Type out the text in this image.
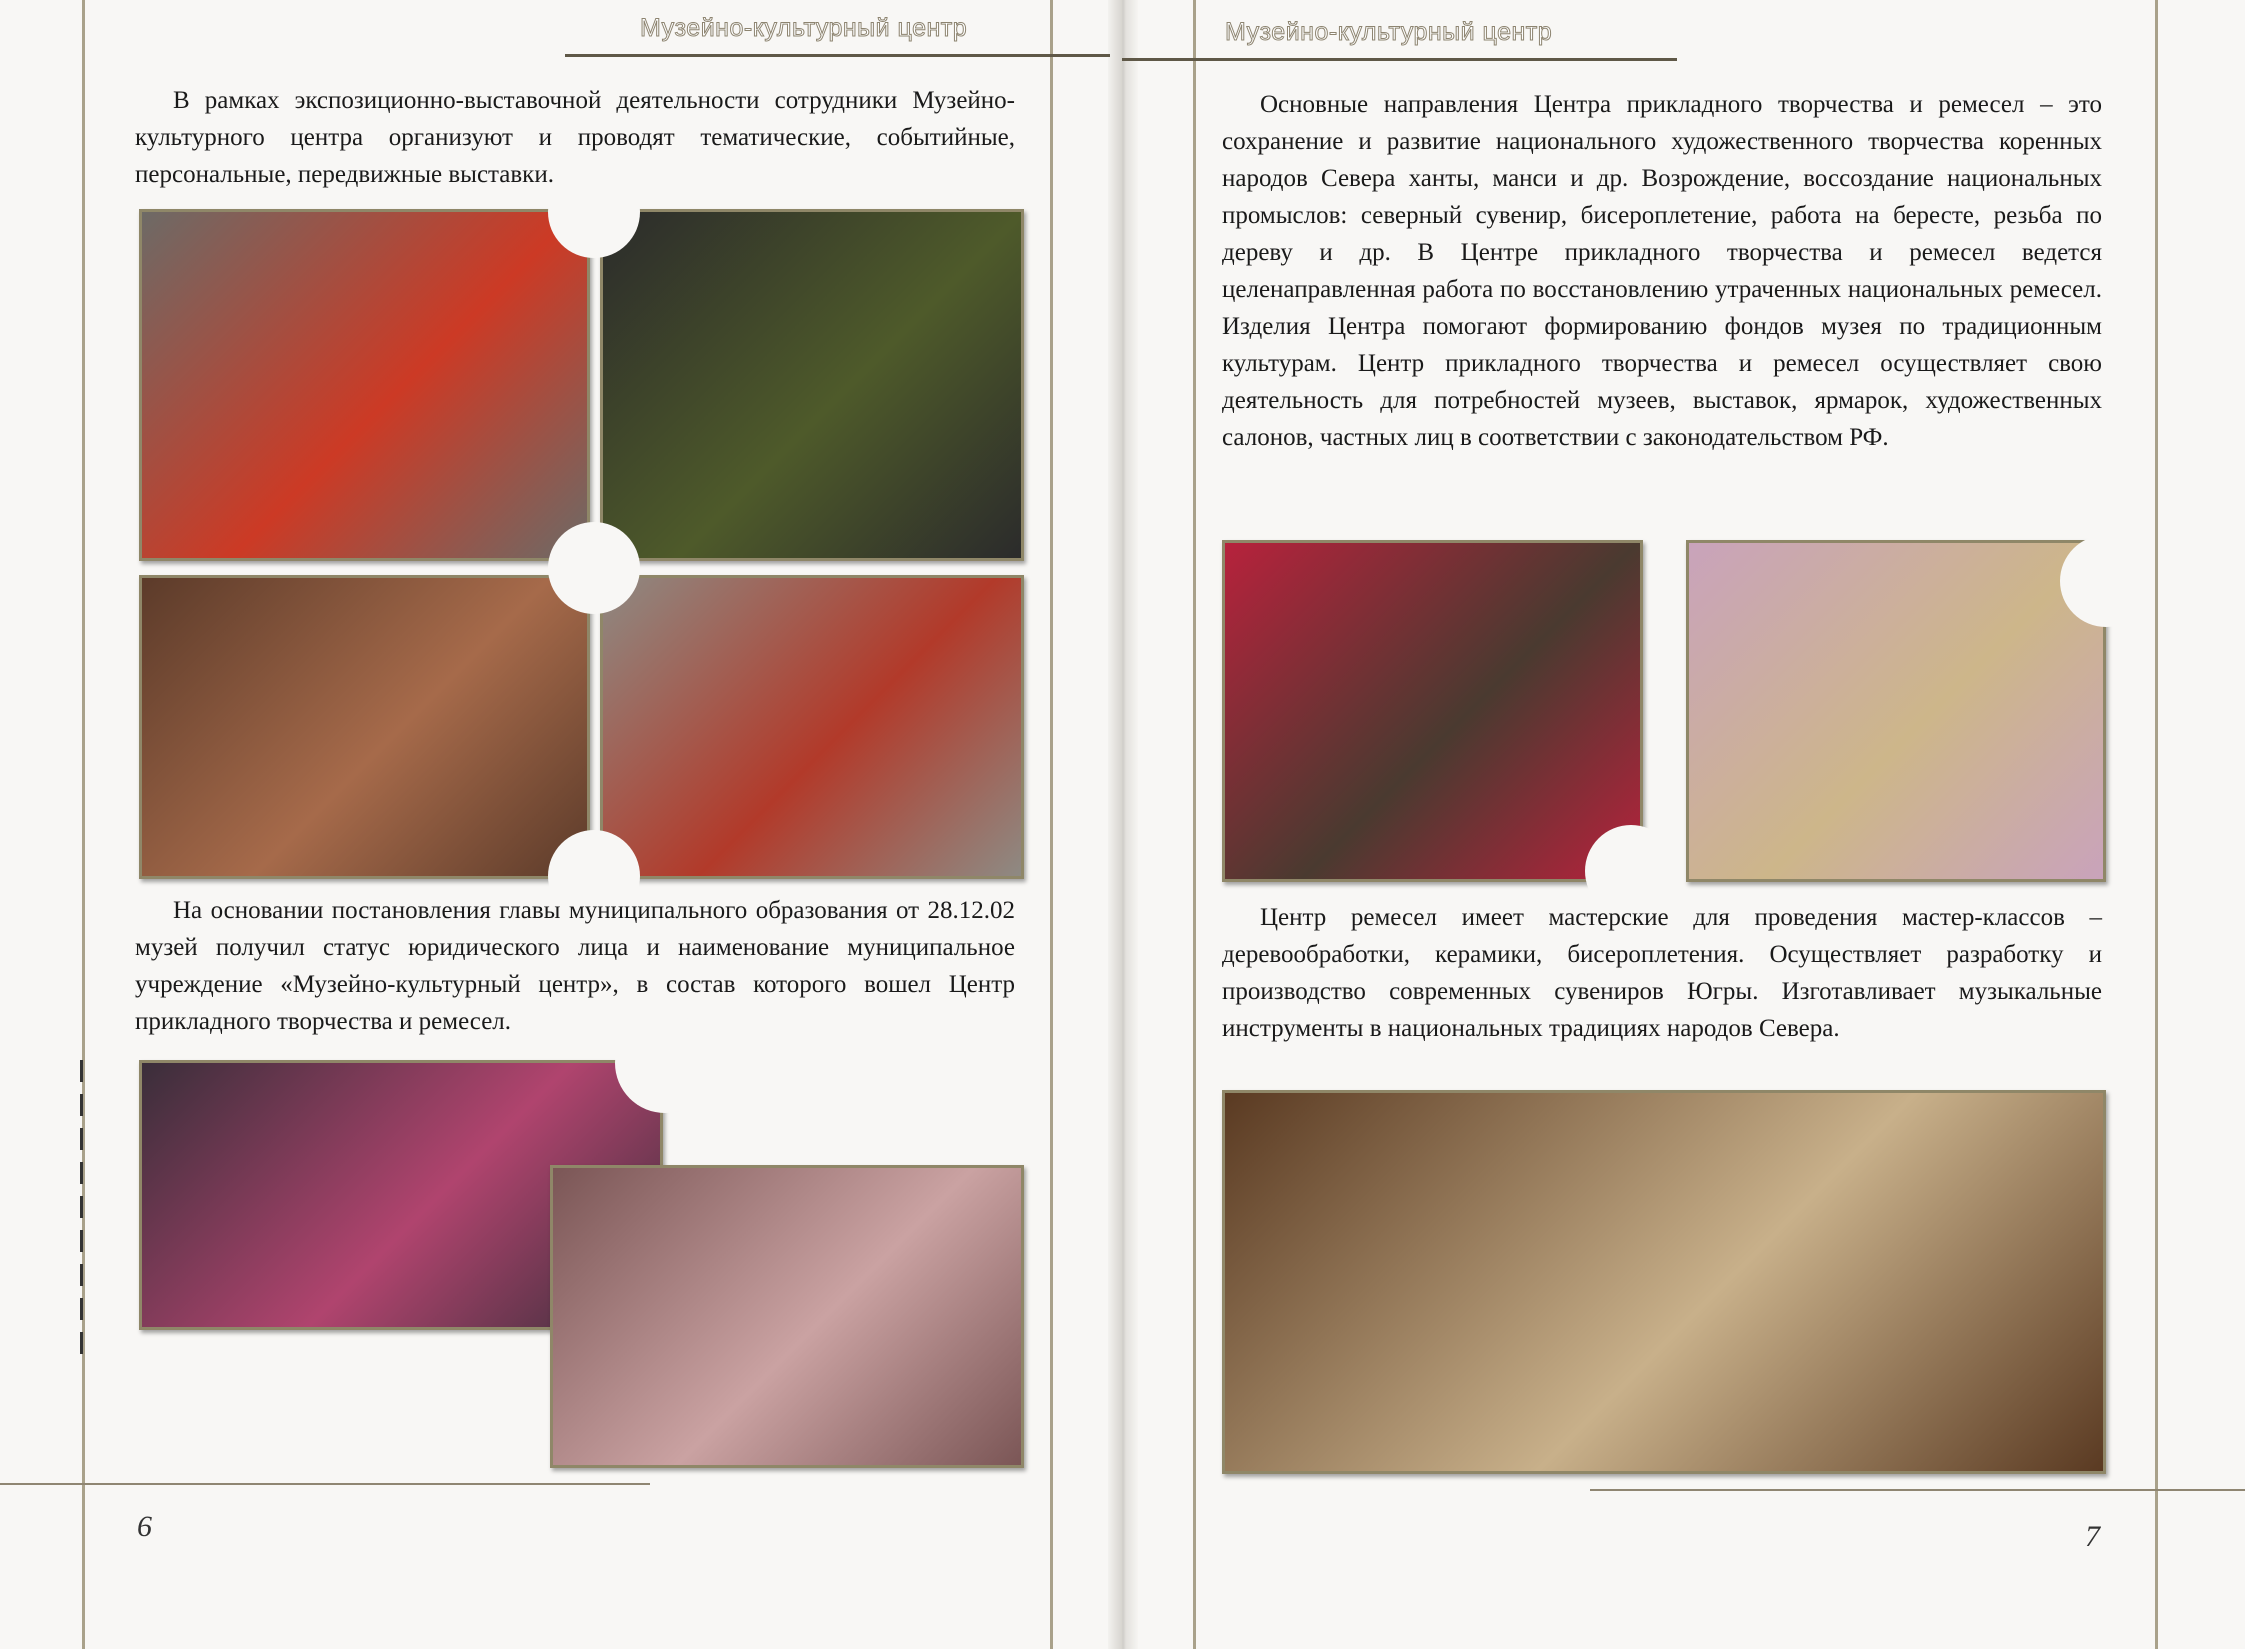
Музейно-культурный центр	Музейно-культурный центр

В рамках экспозиционно-выставочной деятельности сотрудники Музейно-культурного центра организуют и проводят тематические, событийные, персональные, передвижные выставки.

На основании постановления главы муниципального образования от 28.12.02 музей получил статус юридического лица и наименование муниципальное учреждение «Музейно-культурный центр», в состав которого вошел Центр прикладного творчества и ремесел.

6

Основные направления Центра прикладного творчества и ремесел – это сохранение и развитие национального художественного творчества коренных народов Севера ханты, манси и др. Возрождение, воссоздание национальных промыслов: северный сувенир, бисероплетение, работа на бересте, резьба по дереву и др. В Центре прикладного творчества и ремесел ведется целенаправленная работа по восстановлению утраченных национальных ремесел. Изделия Центра помогают формированию фондов музея по традиционным культурам. Центр прикладного творчества и ремесел осуществляет свою деятельность для потребностей музеев, выставок, ярмарок, художественных салонов, частных лиц в соответствии с законодательством РФ.

Центр ремесел имеет мастерские для проведения мастер-классов – деревообработки, керамики, бисероплетения. Осуществляет разработку и производство современных сувениров Югры. Изготавливает музыкальные инструменты в национальных традициях народов Севера.

7
